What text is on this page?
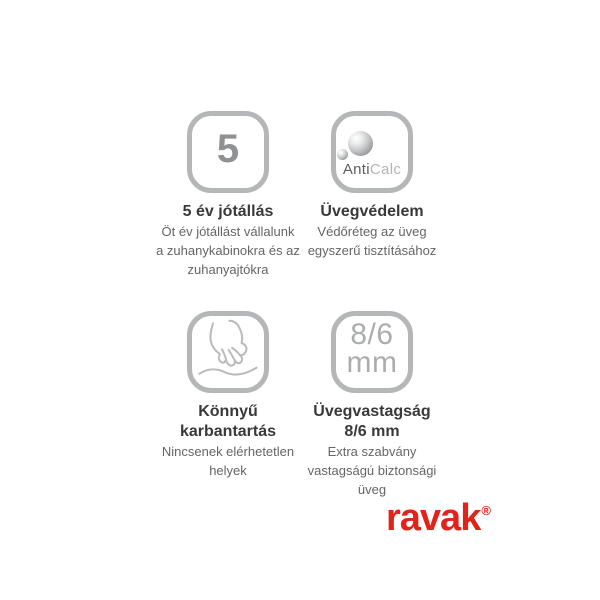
5
5 év jótállás

Öt év jótállást vállalunk
a zuhanykabinokra és az
zuhanyajtókra

AntiCalc
Üvegvédelem

Védőréteg az üveg
egyszerű tisztításához

Könnyű
karbantartás

Nincsenek elérhetetlen
helyek

8/6
mm
Üvegvastagság
8/6 mm

Extra szabvány
vastagságú biztonsági
üveg

ravak®
